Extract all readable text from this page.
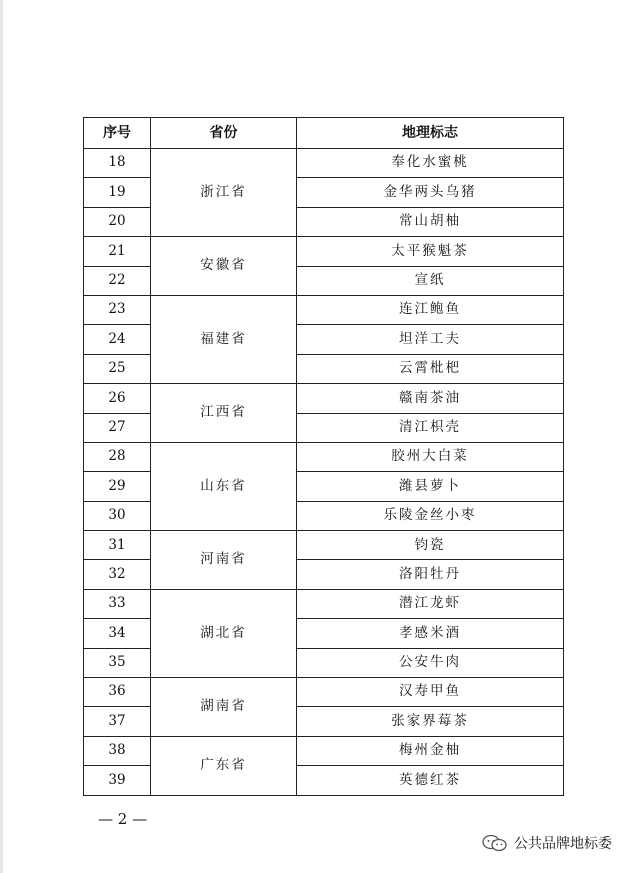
序号	省份	地理标志
18	浙江省	奉化水蜜桃
19		金华两头乌猪
20		常山胡柚
21	安徽省	太平猴魁茶
22		宣纸
23	福建省	连江鲍鱼
24		坦洋工夫
25		云霄枇杷
26	江西省	赣南茶油
27		清江枳壳
28	山东省	胶州大白菜
29		潍县萝卜
30		乐陵金丝小枣
31	河南省	钧瓷
32		洛阳牡丹
33	湖北省	潜江龙虾
34		孝感米酒
35		公安牛肉
36	湖南省	汉寿甲鱼
37		张家界莓茶
38	广东省	梅州金柚
39		英德红茶
— 2 —
公共品牌地标委
